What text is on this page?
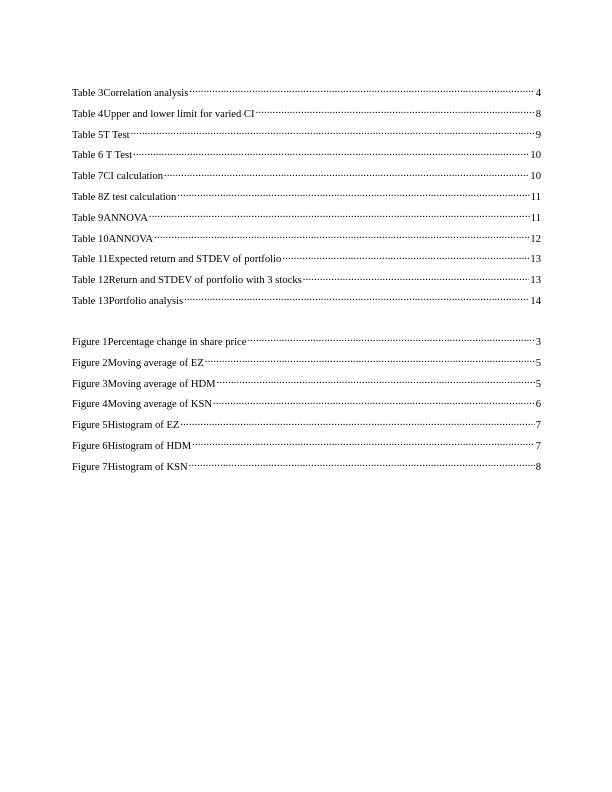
Table 3Correlation analysis .....	4
Table 4Upper and lower limit for varied CI .....	8
Table 5T Test .....	9
Table 6 T Test .....	10
Table 7CI calculation .....	10
Table 8Z test calculation .....	11
Table 9ANNOVA .....	11
Table 10ANNOVA .....	12
Table 11Expected return and STDEV of portfolio .....	13
Table 12Return and STDEV of portfolio with 3 stocks .....	13
Table 13Portfolio analysis .....	14
Figure 1Percentage change in share price .....	3
Figure 2Moving average of EZ .....	5
Figure 3Moving average of HDM .....	5
Figure 4Moving average of KSN .....	6
Figure 5Histogram of EZ .....	7
Figure 6Histogram of HDM .....	7
Figure 7Histogram of KSN .....	8
